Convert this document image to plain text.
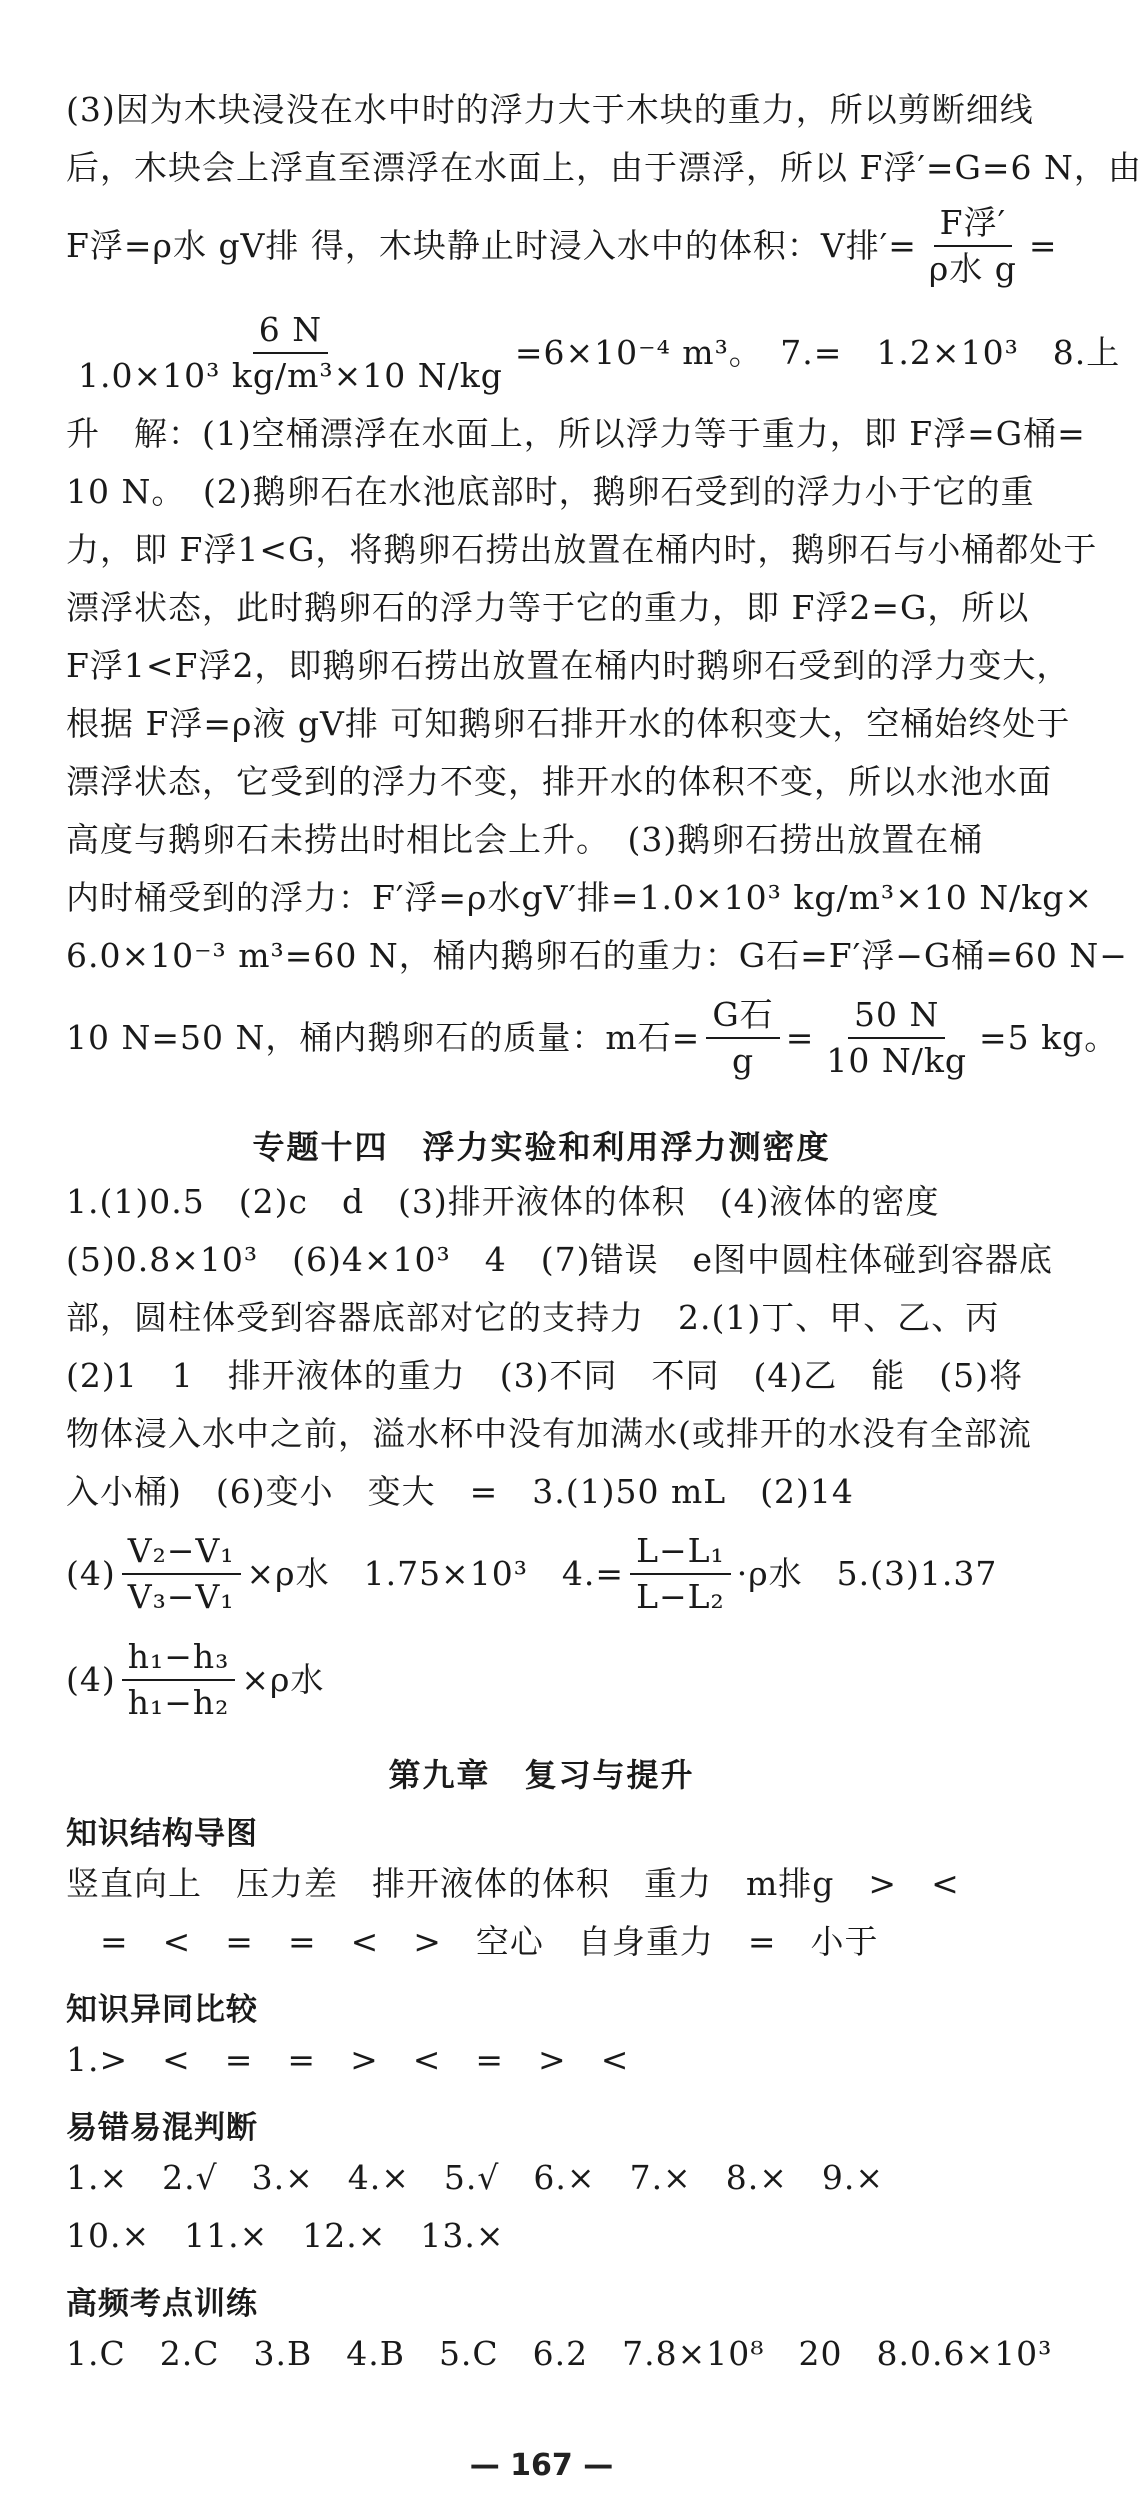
(3)因为木块浸没在水中时的浮力大于木块的重力，所以剪断细线
后，木块会上浮直至漂浮在水面上，由于漂浮，所以 F浮′=G=6 N，由
F浮=ρ水 gV排 得，木块静止时浸入水中的体积：V排′= $\frac{\text{F浮′}}{\text{ρ水 g}}$ =
$\frac{6 N}{\text{1.0×10³ kg/m³×10 N/kg}} =6\times 10^{-4}$ m³。　7.=　1.2×10³　8.上
升　解：(1)空桶漂浮在水面上，所以浮力等于重力，即 F浮=G桶=
10 N。　(2)鹅卵石在水池底部时，鹅卵石受到的浮力小于它的重
力，即 F浮1<G，将鹅卵石捞出放置在桶内时，鹅卵石与小桶都处于
漂浮状态，此时鹅卵石的浮力等于它的重力，即 F浮2=G，所以
F浮1<F浮2，即鹅卵石捞出放置在桶内时鹅卵石受到的浮力变大，
根据 F浮=ρ液 gV排 可知鹅卵石排开水的体积变大，空桶始终处于
漂浮状态，它受到的浮力不变，排开水的体积不变，所以水池水面
高度与鹅卵石未捞出时相比会上升。　(3)鹅卵石捞出放置在桶
内时桶受到的浮力：F′浮=ρ水gV′排=1.0×10³ kg/m³×10 N/kg×
6.0×10⁻³ m³=60 N，桶内鹅卵石的重力：G石=F′浮−G桶=60 N−
10 N=50 N，桶内鹅卵石的质量：m石= $\frac{\text{G石}}{g} = \frac{50 N}{10 N/kg} =5$ kg。
专题十四　浮力实验和利用浮力测密度
1.(1)0.5　(2)c　d　(3)排开液体的体积　(4)液体的密度
(5)0.8×10³　(6)4×10³　4　(7)错误　e图中圆柱体碰到容器底
部，圆柱体受到容器底部对它的支持力　2.(1)丁、甲、乙、丙
(2)1　1　排开液体的重力　(3)不同　不同　(4)乙　能　(5)将
物体浸入水中之前，溢水杯中没有加满水(或排开的水没有全部流
入小桶)　(6)变小　变大　=　3.(1)50 mL　(2)14
$(4) \frac{\text{V₂−V₁}}{\text{V₃−V₁}} \times\rho$水　1.75×10³　$4.= \frac{\text{L−L₁}}{\text{L−L₂}} \cdot\rho$水　5.(3)1.37
$(4) \frac{\text{h₁−h₃}}{\text{h₁−h₂}} \times\rho$水
第九章　复习与提升
知识结构导图
竖直向上　压力差　排开液体的体积　重力　m排g　>　<
　=　<　=　=　<　>　空心　自身重力　=　小于
知识异同比较
1.>　<　=　=　>　<　=　>　<
易错易混判断
1.×　2.√　3.×　4.×　5.√　6.×　7.×　8.×　9.×
10.×　11.×　12.×　13.×
高频考点训练
1.C　2.C　3.B　4.B　5.C　6.2　7.8×10⁸　20　8.0.6×10³
— 167 —
